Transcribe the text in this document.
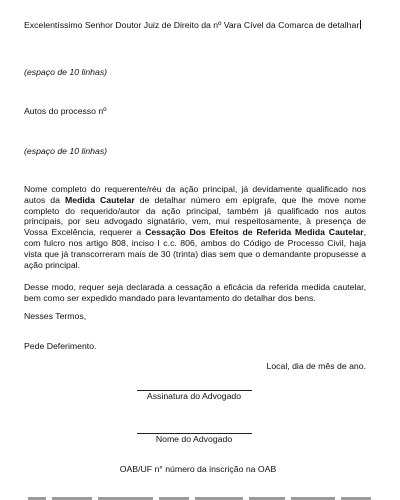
Excelentíssimo Senhor Doutor Juiz de Direito da nº Vara Cível da Comarca de detalhar

(espaço de 10 linhas)

Autos do processo nº

(espaço de 10 linhas)

Nome completo do requerente/réu da ação principal, já devidamente qualificado nos autos da Medida Cautelar de detalhar número em epígrafe, que lhe move nome completo do requerido/autor da ação principal, também já qualificado nos autos principais, por seu advogado signatário, vem, mui respeitosamente, à presença de Vossa Excelência, requerer a Cessação Dos Efeitos de Referida Medida Cautelar, com fulcro nos artigo 808, inciso I c.c. 806, ambos do Código de Processo Civil, haja vista que já transcorreram mais de 30 (trinta) dias sem que o demandante propusesse a ação principal.

Desse modo, requer seja declarada a cessação a eficácia da referida medida cautelar, bem como ser expedido mandado para levantamento do detalhar dos bens.

Nesses Termos,

Pede Deferimento.

Local, dia de mês de ano.

Assinatura do Advogado
Nome do Advogado
OAB/UF n° número da inscrição na OAB
